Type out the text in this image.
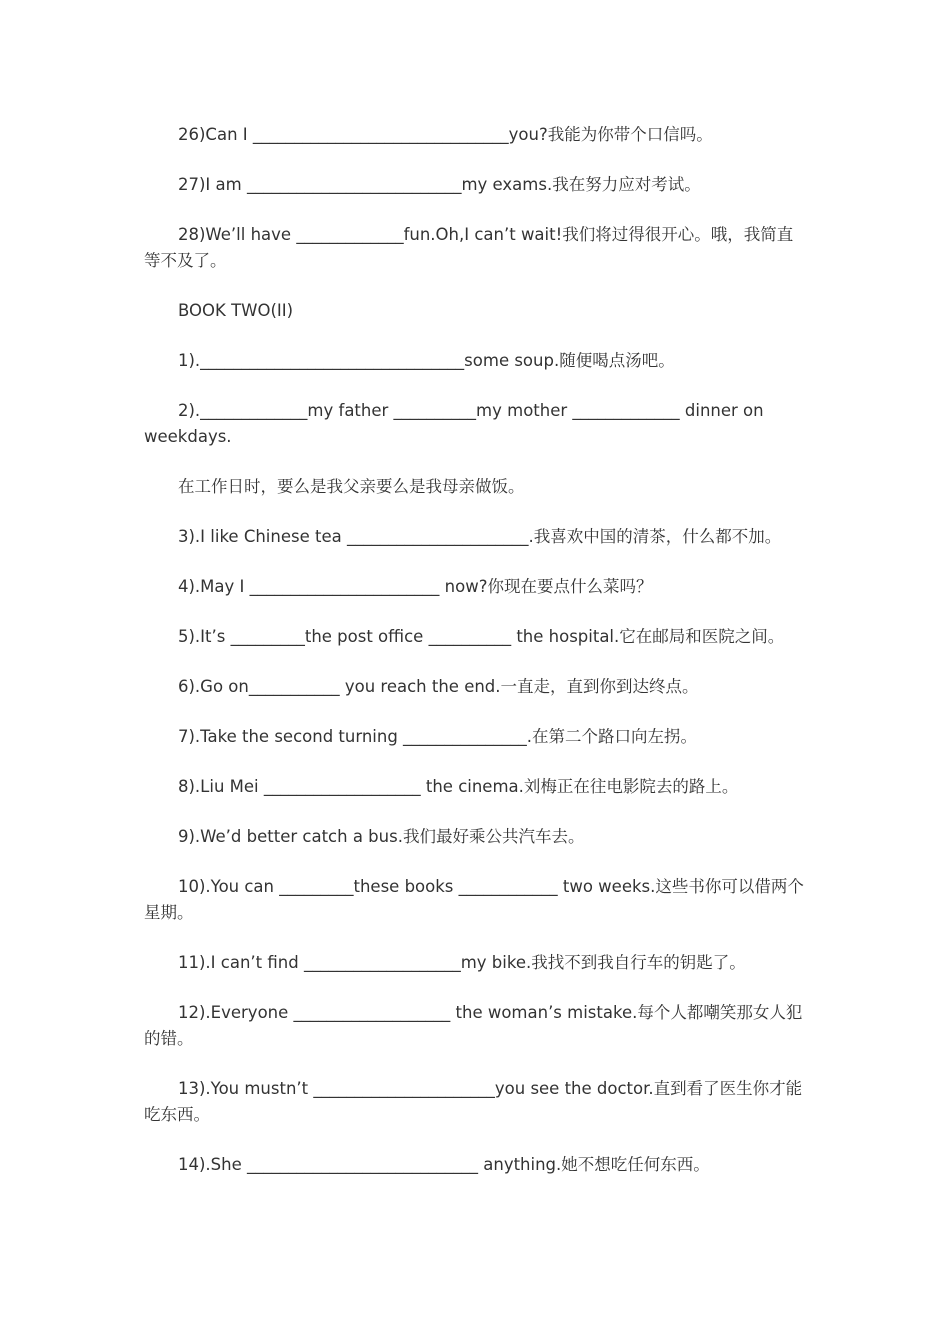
26)Can I _______________________________you?我能为你带个口信吗。

27)I am __________________________my exams.我在努力应对考试。

28)We’ll have _____________fun.Oh,I can’t wait!我们将过得很开心。哦，我简直等不及了。

BOOK TWO(II)

1).________________________________some soup.随便喝点汤吧。

2)._____________my father __________my mother _____________ dinner on weekdays.

在工作日时，要么是我父亲要么是我母亲做饭。

3).I like Chinese tea ______________________.我喜欢中国的清茶，什么都不加。

4).May I _______________________ now?你现在要点什么菜吗？

5).It’s _________the post office __________ the hospital.它在邮局和医院之间。

6).Go on___________ you reach the end.一直走，直到你到达终点。

7).Take the second turning _______________.在第二个路口向左拐。

8).Liu Mei ___________________ the cinema.刘梅正在往电影院去的路上。

9).We’d better catch a bus.我们最好乘公共汽车去。

10).You can _________these books ____________ two weeks.这些书你可以借两个星期。

11).I can’t find ___________________my bike.我找不到我自行车的钥匙了。

12).Everyone ___________________ the woman’s mistake.每个人都嘲笑那女人犯的错。

13).You mustn’t ______________________you see the doctor.直到看了医生你才能吃东西。

14).She ____________________________ anything.她不想吃任何东西。
